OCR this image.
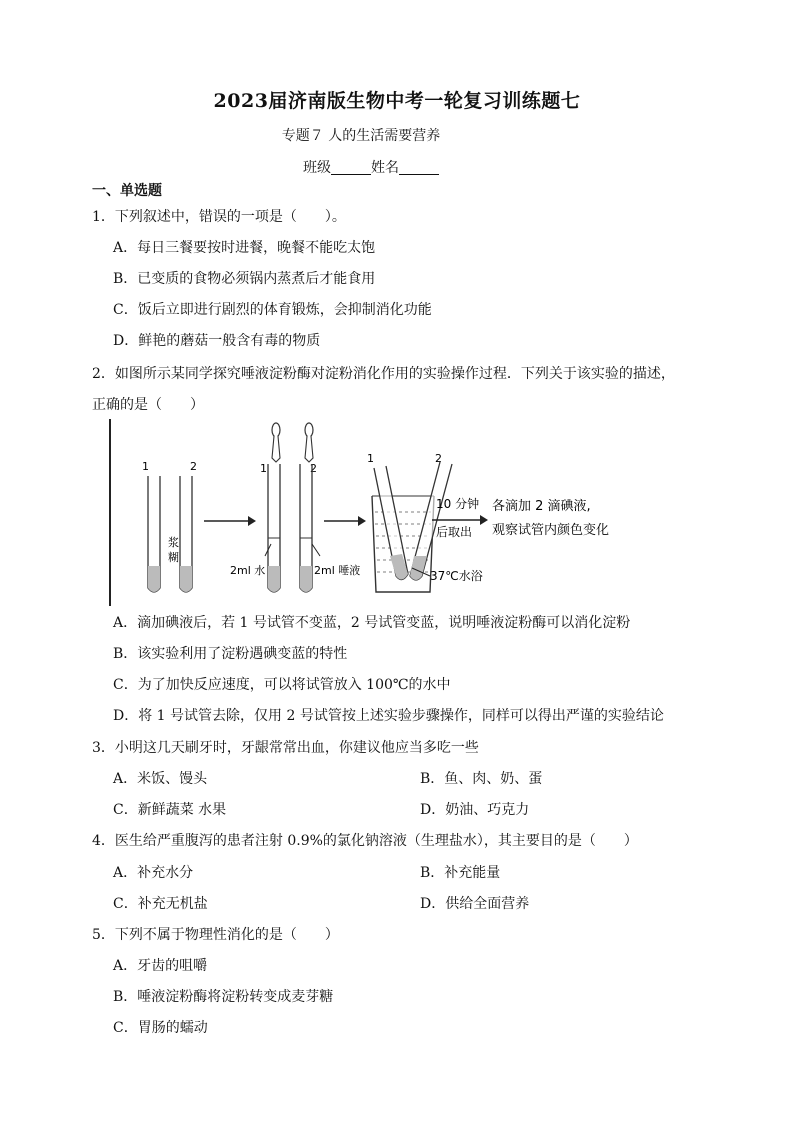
2023届济南版生物中考一轮复习训练题七
专题７ 人的生活需要营养
班级	姓名
一、单选题
1．下列叙述中，错误的一项是（　　）。
A．每日三餐要按时进餐，晚餐不能吃太饱
B．已变质的食物必须锅内蒸煮后才能食用
C．饭后立即进行剧烈的体育锻炼，会抑制消化功能
D．鲜艳的蘑菇一般含有毒的物质
2．如图所示某同学探究唾液淀粉酶对淀粉消化作用的实验操作过程．下列关于该实验的描述，
正确的是（　　）
1	2
浆
糊
1	2
2ml 水	2ml 唾液
1	2
37℃水浴
10 分钟
后取出
各滴加 2 滴碘液,
观察试管内颜色变化
A．滴加碘液后，若 1 号试管不变蓝，2 号试管变蓝，说明唾液淀粉酶可以消化淀粉
B．该实验利用了淀粉遇碘变蓝的特性
C．为了加快反应速度，可以将试管放入 100℃的水中
D．将 1 号试管去除，仅用 2 号试管按上述实验步骤操作，同样可以得出严谨的实验结论
3．小明这几天刷牙时，牙龈常常出血，你建议他应当多吃一些
A．米饭、馒头	B．鱼、肉、奶、蛋
C．新鲜蔬菜 水果	D．奶油、巧克力
4．医生给严重腹泻的患者注射 0.9%的氯化钠溶液（生理盐水），其主要目的是（　　）
A．补充水分	B．补充能量
C．补充无机盐	D．供给全面营养
5．下列不属于物理性消化的是（　　）
A．牙齿的咀嚼
B．唾液淀粉酶将淀粉转变成麦芽糖
C．胃肠的蠕动
